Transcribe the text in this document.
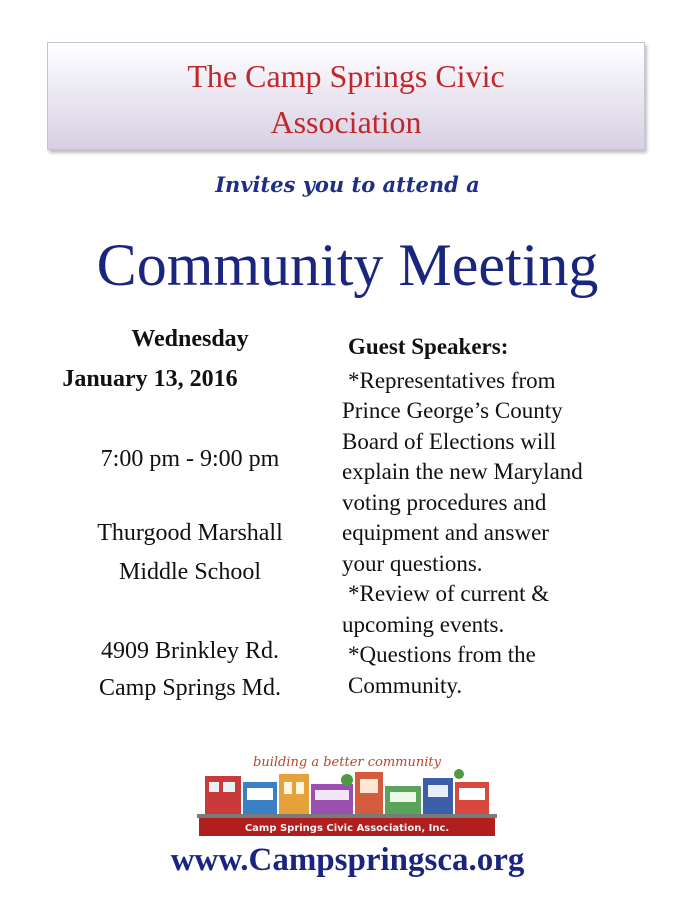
The Camp Springs Civic
Association
Invites you to attend a
Community Meeting
Wednesday
January 13, 2016
7:00 pm - 9:00 pm
Thurgood Marshall
Middle School
4909 Brinkley Rd.
Camp Springs Md.
Guest Speakers:
*Representatives from
Prince George’s County
Board of Elections will
explain the new Maryland
voting procedures and
equipment and answer
your questions.
*Review of current &
upcoming events.
*Questions from the
Community.
building a better community
Camp Springs Civic Association, Inc.
www.Campspringsca.org
